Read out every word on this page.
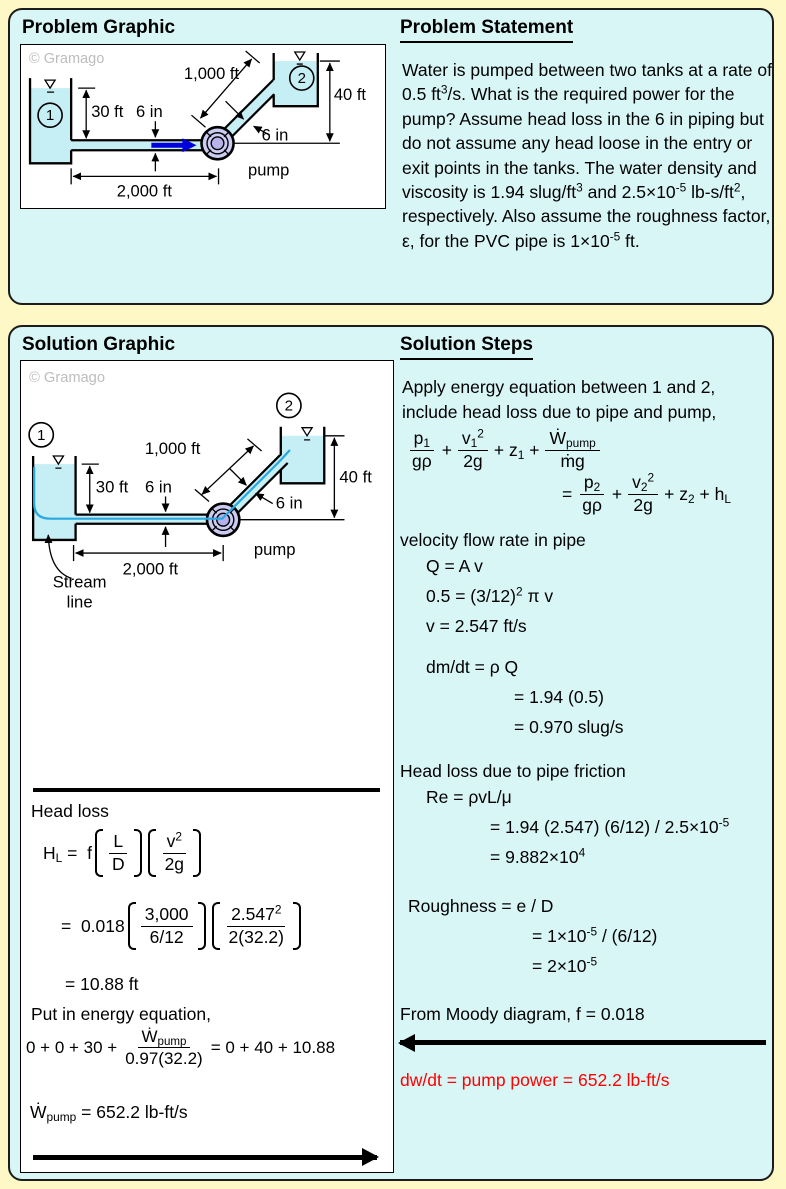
Problem Graphic	Problem Statement
© Gramago
1
2
40 ft
30 ft 6 in
1,000 ft
6 in
pump
2,000 ft

Water is pumped between two tanks at a rate of 0.5 $ft^3/s$. What is the required power for the pump? Assume head loss in the 6 in piping but do not assume any head loose in the entry or exit points in the tanks. The water density and viscosity is 1.94 slug/$ft^3$ and $2.5\times 10^{-5}$ $lb-s/ft^2$, respectively. Also assume the roughness factor, ε, for the PVC pipe is $1\times 10^{-5}$ ft.

Solution Graphic	Solution Steps
© Gramago
2
1
40 ft
30 ft 6 in
1,000 ft
6 in
pump
2,000 ft
Stream
line
Head loss
$H_L = f \frac{L}{D} \frac{v^2}{2g}$
=  $0.018 \frac{3,000}{6/12} \frac{2.547^2}{2(32.2)}$
= 10.88 ft
Put in energy equation,
$0 + 0 + 30 + \frac{Ẇ_{pump}}{0.97(32.2)} = 0 + 40 + 10.88$
Ẇ$_{pump}$ = 652.2 lb-ft/s

Apply energy equation between 1 and 2, include head loss due to pipe and pump,

$\frac{p_1}{g\rho} + \frac{v_1^2}{2g} + z_1 + \frac{Ẇ_{pump}}{\text{ṁg}}$
= $\frac{p_2}{g\rho} + \frac{v_2^2}{2g} + z_2 + h_L$
velocity flow rate in pipe
Q = A v
$0.5 = (3/12)^2$ π v
v = 2.547 ft/s
dm/dt = ρ Q
= 1.94 (0.5)
= 0.970 slug/s
Head loss due to pipe friction
Re = ρvL/μ
= 1.94 (2.547) $(6/12) / 2.5\times 10^{-5}$
= $9.882\times 10^4$
Roughness = e / D
= $1\times 10^{-5} / (6/12)$
= $2\times 10^{-5}$
From Moody diagram, f = 0.018
dw/dt = pump power = 652.2 lb-ft/s
